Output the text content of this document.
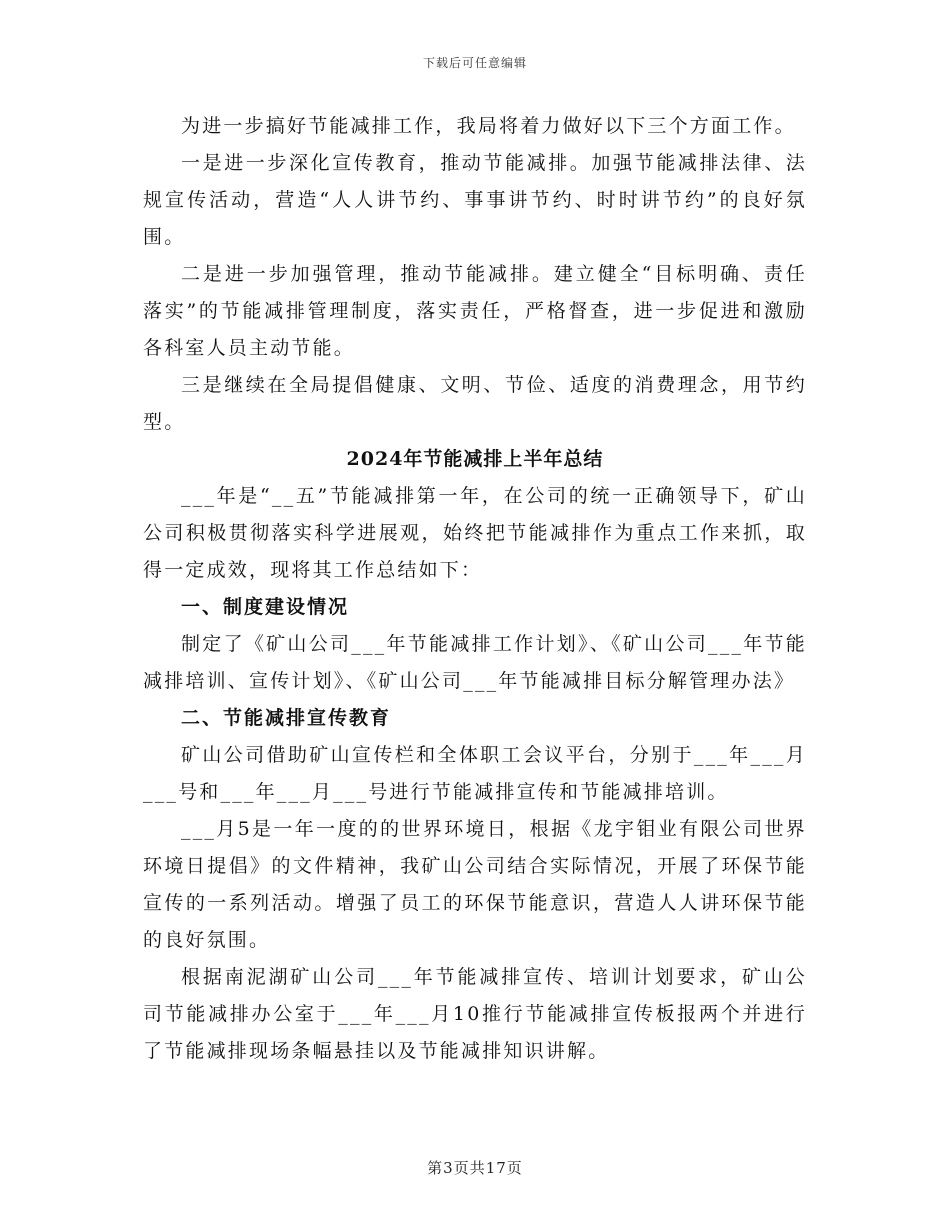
下载后可任意编辑

为进一步搞好节能减排工作，我局将着力做好以下三个方面工作。

一是进一步深化宣传教育，推动节能减排。加强节能减排法律、法规宣传活动，营造“人人讲节约、事事讲节约、时时讲节约”的良好氛围。

二是进一步加强管理，推动节能减排。建立健全“目标明确、责任落实”的节能减排管理制度，落实责任，严格督查，进一步促进和激励各科室人员主动节能。

三是继续在全局提倡健康、文明、节俭、适度的消费理念，用节约型。

2024年节能减排上半年总结

___年是“__五”节能减排第一年，在公司的统一正确领导下，矿山公司积极贯彻落实科学进展观，始终把节能减排作为重点工作来抓，取得一定成效，现将其工作总结如下：

一、制度建设情况

制定了《矿山公司___年节能减排工作计划》、《矿山公司___年节能减排培训、宣传计划》、《矿山公司___年节能减排目标分解管理办法》

二、节能减排宣传教育

矿山公司借助矿山宣传栏和全体职工会议平台，分别于___年___月___号和___年___月___号进行节能减排宣传和节能减排培训。

___月5是一年一度的的世界环境日，根据《龙宇钼业有限公司世界环境日提倡》的文件精神，我矿山公司结合实际情况，开展了环保节能宣传的一系列活动。增强了员工的环保节能意识，营造人人讲环保节能的良好氛围。

根据南泥湖矿山公司___年节能减排宣传、培训计划要求，矿山公司节能减排办公室于___年___月10推行节能减排宣传板报两个并进行了节能减排现场条幅悬挂以及节能减排知识讲解。

第3页共17页
